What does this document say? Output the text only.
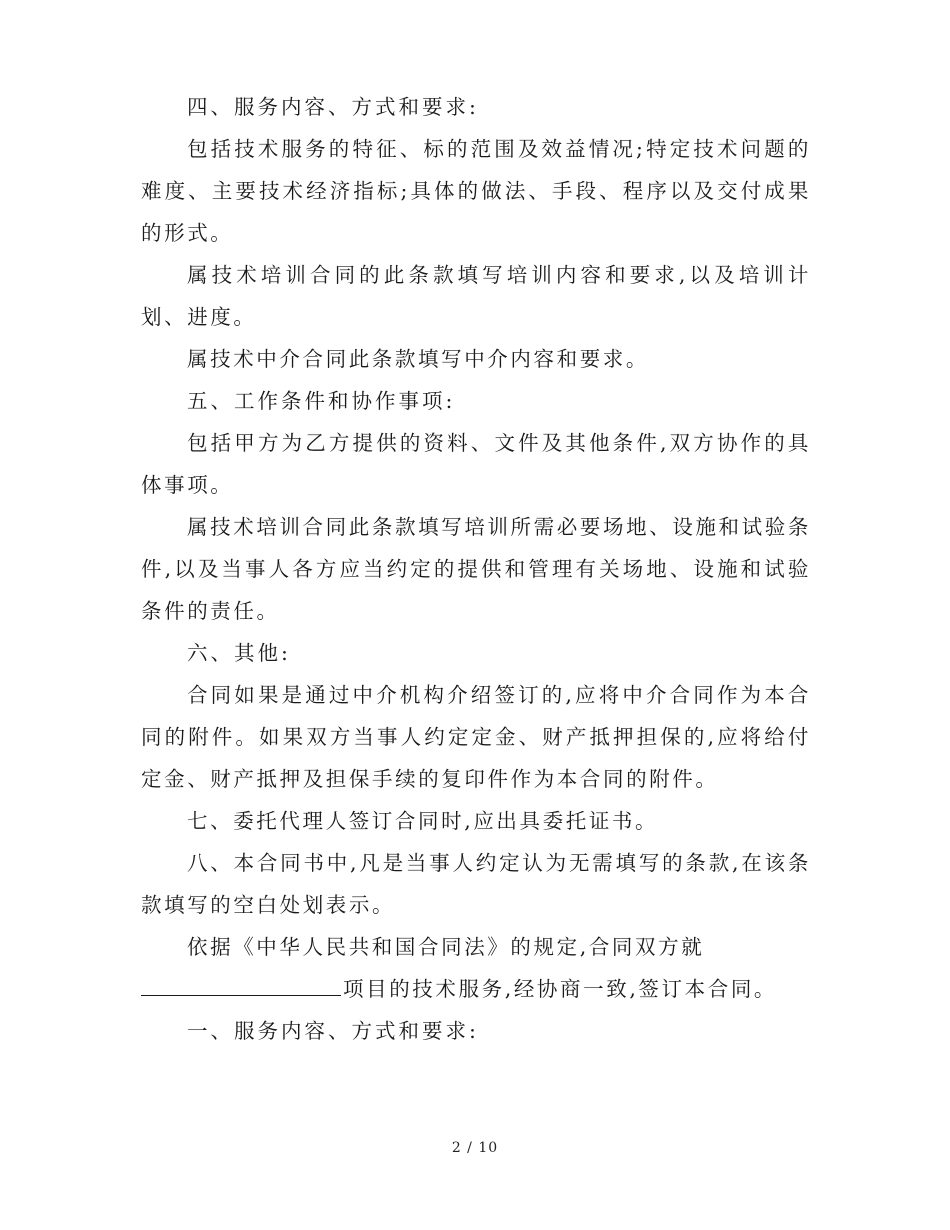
四、服务内容、方式和要求:

包括技术服务的特征、标的范围及效益情况;特定技术问题的难度、主要技术经济指标;具体的做法、手段、程序以及交付成果的形式。

属技术培训合同的此条款填写培训内容和要求,以及培训计划、进度。

属技术中介合同此条款填写中介内容和要求。

五、工作条件和协作事项:

包括甲方为乙方提供的资料、文件及其他条件,双方协作的具体事项。

属技术培训合同此条款填写培训所需必要场地、设施和试验条件,以及当事人各方应当约定的提供和管理有关场地、设施和试验条件的责任。

六、其他:

合同如果是通过中介机构介绍签订的,应将中介合同作为本合同的附件。如果双方当事人约定定金、财产抵押担保的,应将给付定金、财产抵押及担保手续的复印件作为本合同的附件。

七、委托代理人签订合同时,应出具委托证书。

八、本合同书中,凡是当事人约定认为无需填写的条款,在该条款填写的空白处划表示。

依据《中华人民共和国合同法》的规定,合同双方就
项目的技术服务,经协商一致,签订本合同。

一、服务内容、方式和要求:

2 / 10
